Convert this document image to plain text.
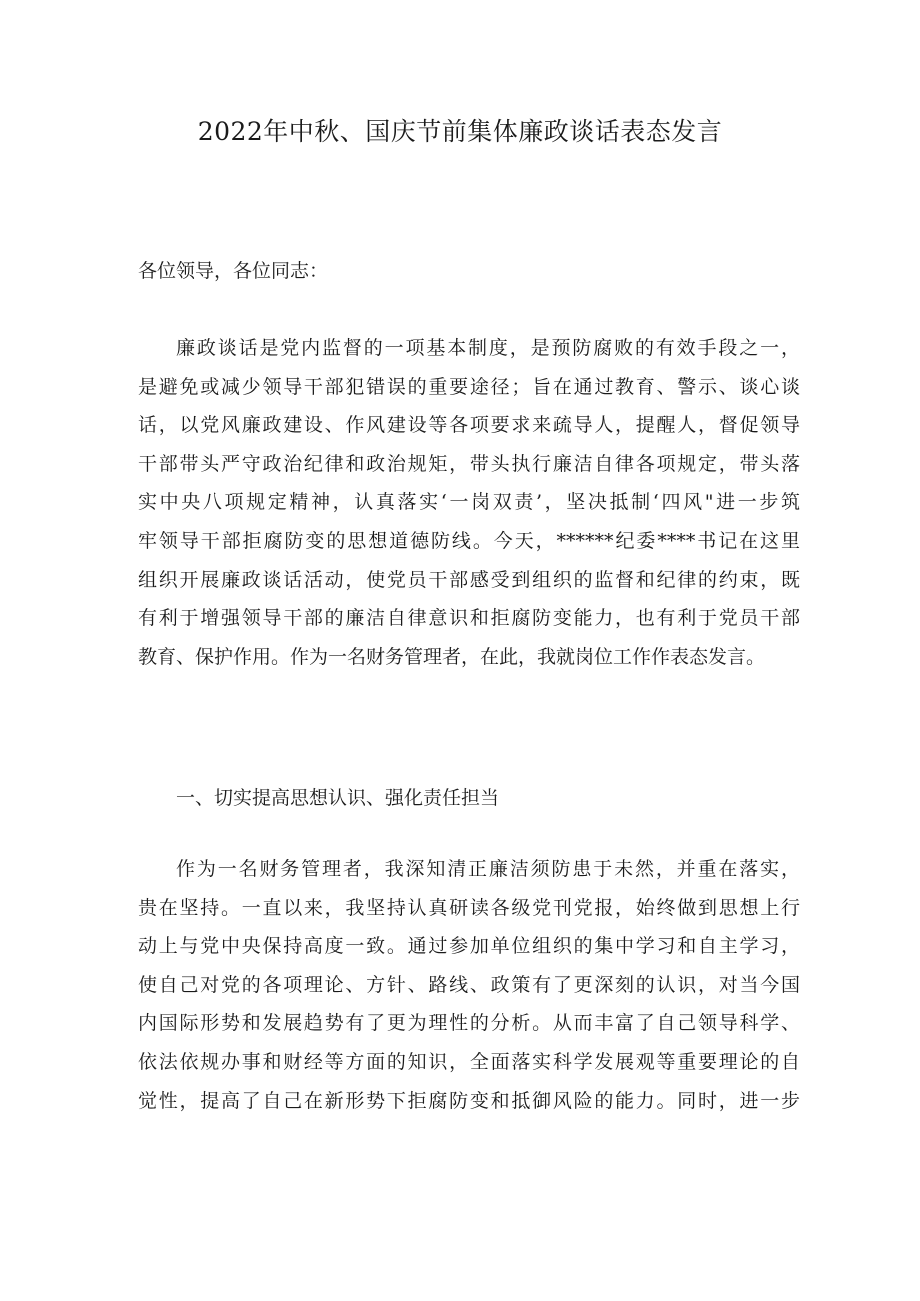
2022年中秋、国庆节前集体廉政谈话表态发言

各位领导，各位同志：

廉政谈话是党内监督的一项基本制度，是预防腐败的有效手段之一，
是避免或减少领导干部犯错误的重要途径；旨在通过教育、警示、谈心谈
话，以党风廉政建设、作风建设等各项要求来疏导人，提醒人，督促领导
干部带头严守政治纪律和政治规矩，带头执行廉洁自律各项规定，带头落
实中央八项规定精神，认真落实‘一岗双责’，坚决抵制‘四风"进一步筑
牢领导干部拒腐防变的思想道德防线。今天，******纪委****书记在这里
组织开展廉政谈话活动，使党员干部感受到组织的监督和纪律的约束，既
有利于增强领导干部的廉洁自律意识和拒腐防变能力，也有利于党员干部
教育、保护作用。作为一名财务管理者，在此，我就岗位工作作表态发言。
一、切实提高思想认识、强化责任担当
作为一名财务管理者，我深知清正廉洁须防患于未然，并重在落实，
贵在坚持。一直以来，我坚持认真研读各级党刊党报，始终做到思想上行
动上与党中央保持高度一致。通过参加单位组织的集中学习和自主学习，
使自己对党的各项理论、方针、路线、政策有了更深刻的认识，对当今国
内国际形势和发展趋势有了更为理性的分析。从而丰富了自己领导科学、
依法依规办事和财经等方面的知识，全面落实科学发展观等重要理论的自
觉性，提高了自己在新形势下拒腐防变和抵御风险的能力。同时，进一步
